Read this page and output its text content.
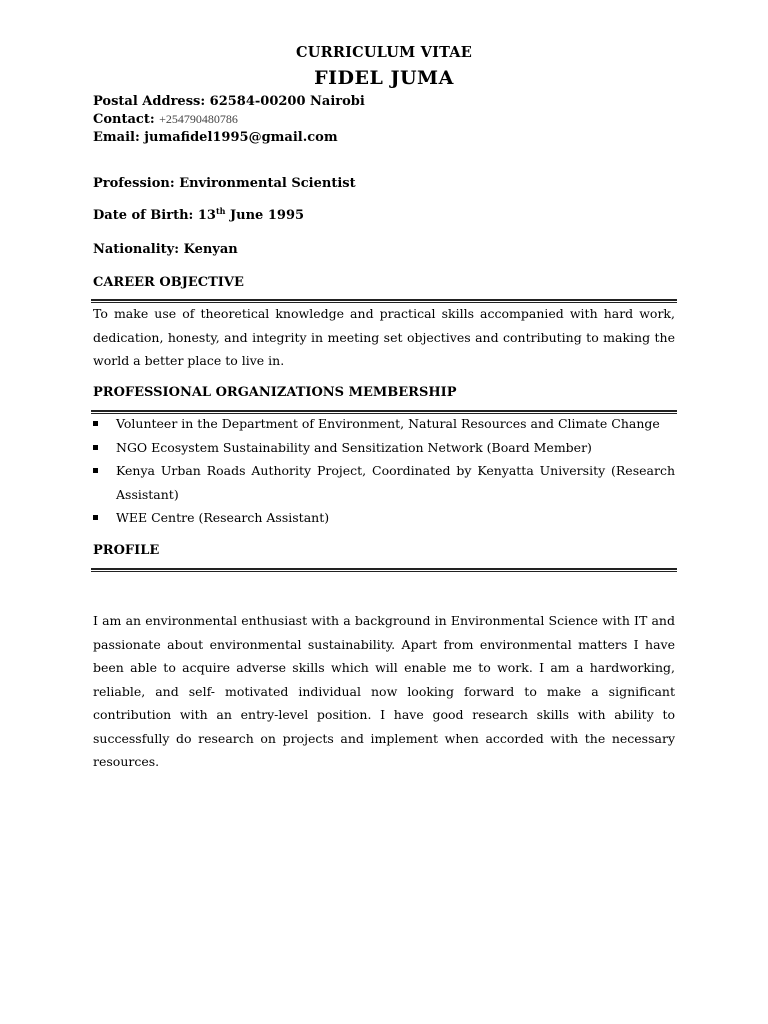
CURRICULUM VITAE
FIDEL JUMA
Postal Address: 62584-00200 Nairobi
Contact: +254790480786
Email: jumafidel1995@gmail.com
Profession: Environmental Scientist
Date of Birth: 13th June 1995
Nationality: Kenyan
CAREER OBJECTIVE

To make use of theoretical knowledge and practical skills accompanied with hard work, dedication, honesty, and integrity in meeting set objectives and contributing to making the world a better place to live in.

PROFESSIONAL ORGANIZATIONS MEMBERSHIP
Volunteer in the Department of Environment, Natural Resources and Climate Change
NGO Ecosystem Sustainability and Sensitization Network (Board Member)
Kenya Urban Roads Authority Project, Coordinated by Kenyatta University (Research Assistant)
WEE Centre (Research Assistant)
PROFILE

I am an environmental enthusiast with a background in Environmental Science with IT and passionate about environmental sustainability. Apart from environmental matters I have been able to acquire adverse skills which will enable me to work. I am a hardworking, reliable, and self- motivated individual now looking forward to make a significant contribution with an entry-level position. I have good research skills with ability to successfully do research on projects and implement when accorded with the necessary resources.
